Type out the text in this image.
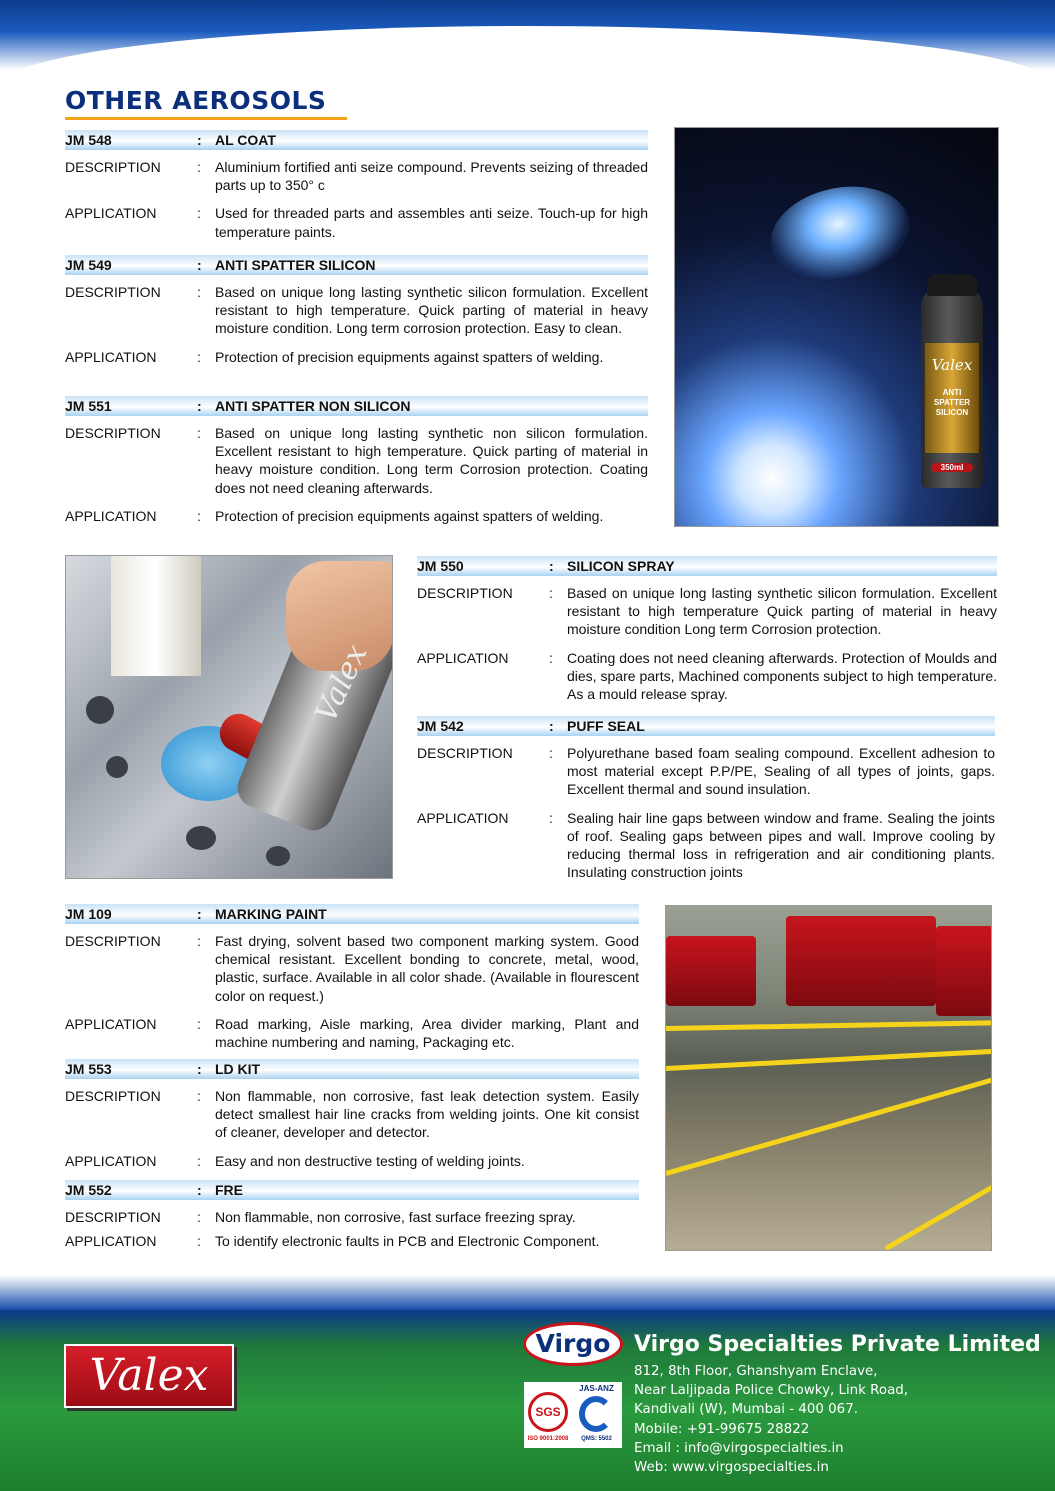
OTHER AEROSOLS
JM 548	: AL COAT
DESCRIPTION	: Aluminium fortified anti seize compound. Prevents seizing of threaded parts up to 350° c
APPLICATION	: Used for threaded parts and assembles anti seize. Touch-up for high temperature paints.
JM 549	: ANTI SPATTER SILICON
DESCRIPTION	: Based on unique long lasting synthetic silicon formulation. Excellent resistant to high temperature. Quick parting of material in heavy moisture condition. Long term corrosion protection. Easy to clean.
APPLICATION	: Protection of precision equipments against spatters of welding.
JM 551	: ANTI SPATTER NON SILICON
DESCRIPTION	: Based on unique long lasting synthetic non silicon formulation. Excellent resistant to high temperature. Quick parting of material in heavy moisture condition. Long term Corrosion protection. Coating does not need cleaning afterwards.
APPLICATION	: Protection of precision equipments against spatters of welding.
Valex
ANTI SPATTER SILICON
350ml
Valex
JM 550	: SILICON SPRAY
DESCRIPTION	: Based on unique long lasting synthetic silicon formulation. Excellent resistant to high temperature Quick parting of material in heavy moisture condition Long term Corrosion protection.
APPLICATION	: Coating does not need cleaning afterwards. Protection of Moulds and dies, spare parts, Machined components subject to high temperature. As a mould release spray.
JM 542	: PUFF SEAL
DESCRIPTION	: Polyurethane based foam sealing compound. Excellent adhesion to most material except P.P/PE, Sealing of all types of joints, gaps. Excellent thermal and sound insulation.
APPLICATION	: Sealing hair line gaps between window and frame. Sealing the joints of roof. Sealing gaps between pipes and wall. Improve cooling by reducing thermal loss in refrigeration and air conditioning plants. Insulating construction joints
JM 109	: MARKING PAINT
DESCRIPTION	: Fast drying, solvent based two component marking system. Good chemical resistant. Excellent bonding to concrete, metal, wood, plastic, surface. Available in all color shade. (Available in flourescent color on request.)
APPLICATION	: Road marking, Aisle marking, Area divider marking, Plant and machine numbering and naming, Packaging etc.
JM 553	: LD KIT
DESCRIPTION	: Non flammable, non corrosive, fast leak detection system. Easily detect smallest hair line cracks from welding joints. One kit consist of cleaner, developer and detector.
APPLICATION	: Easy and non destructive testing of welding joints.
JM 552	: FRE
DESCRIPTION	: Non flammable, non corrosive, fast surface freezing spray.
APPLICATION	: To identify electronic faults in PCB and Electronic Component.
Valex
Virgo
SGS
JAS-ANZ
ISO 9001:2008	QMS: 5502
Virgo Specialties Private Limited
812, 8th Floor, Ghanshyam Enclave,
Near Laljipada Police Chowky, Link Road,
Kandivali (W), Mumbai - 400 067.
Mobile: +91-99675 28822
Email : info@virgospecialties.in
Web: www.virgospecialties.in
